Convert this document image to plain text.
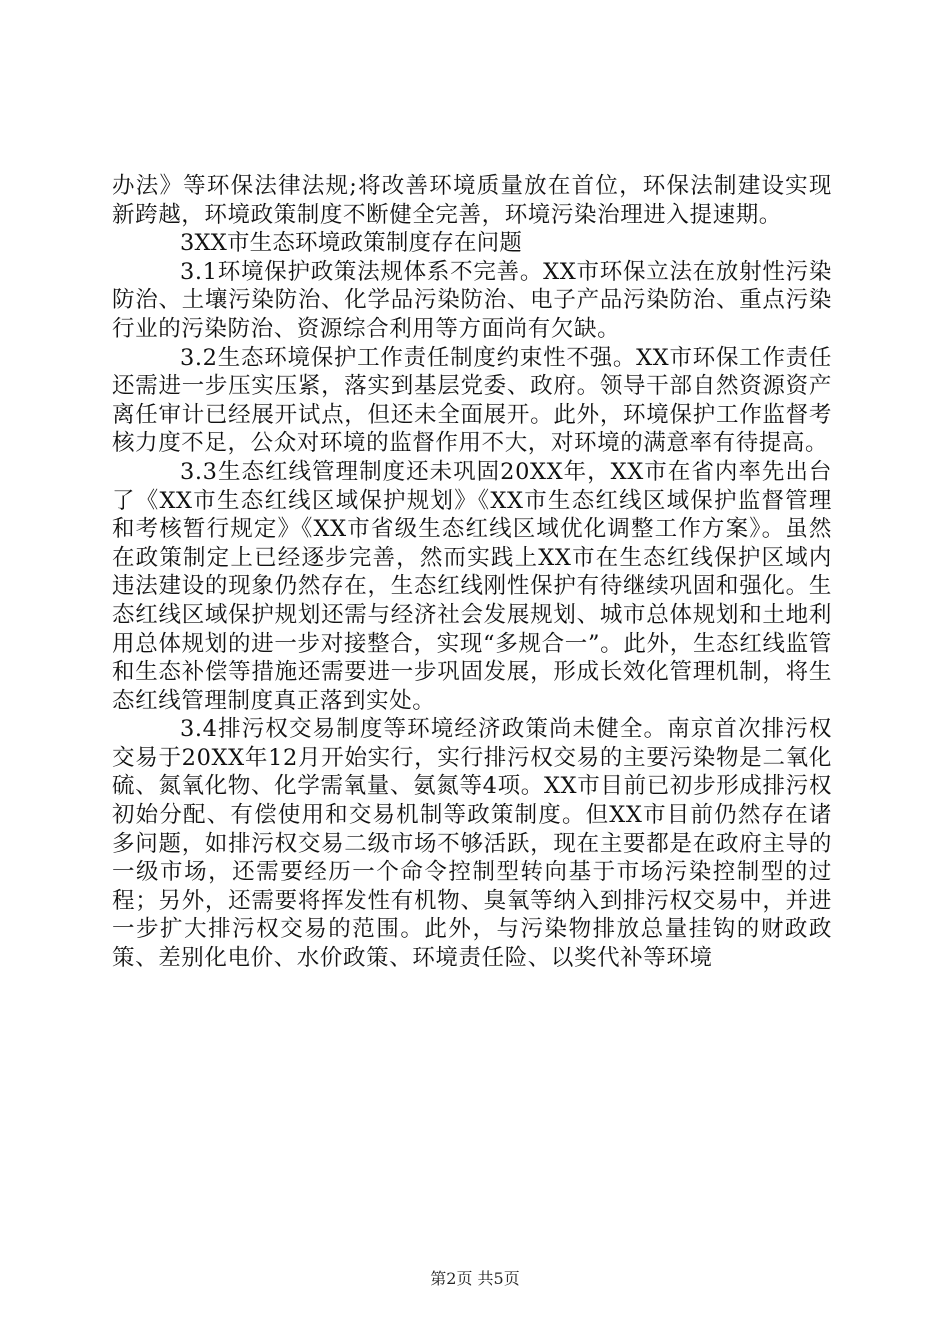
办法》等环保法律法规;将改善环境质量放在首位，环保法制建设实现新跨越，环境政策制度不断健全完善，环境污染治理进入提速期。

3XX市生态环境政策制度存在问题

3.1环境保护政策法规体系不完善。XX市环保立法在放射性污染防治、土壤污染防治、化学品污染防治、电子产品污染防治、重点污染行业的污染防治、资源综合利用等方面尚有欠缺。

3.2生态环境保护工作责任制度约束性不强。XX市环保工作责任还需进一步压实压紧，落实到基层党委、政府。领导干部自然资源资产离任审计已经展开试点，但还未全面展开。此外，环境保护工作监督考核力度不足，公众对环境的监督作用不大，对环境的满意率有待提高。

3.3生态红线管理制度还未巩固20XX年，XX市在省内率先出台了《XX市生态红线区域保护规划》《XX市生态红线区域保护监督管理和考核暂行规定》《XX市省级生态红线区域优化调整工作方案》。虽然在政策制定上已经逐步完善，然而实践上XX市在生态红线保护区域内违法建设的现象仍然存在，生态红线刚性保护有待继续巩固和强化。生态红线区域保护规划还需与经济社会发展规划、城市总体规划和土地利用总体规划的进一步对接整合，实现“多规合一”。此外，生态红线监管和生态补偿等措施还需要进一步巩固发展，形成长效化管理机制，将生态红线管理制度真正落到实处。

3.4排污权交易制度等环境经济政策尚未健全。南京首次排污权交易于20XX年12月开始实行，实行排污权交易的主要污染物是二氧化硫、氮氧化物、化学需氧量、氨氮等4项。XX市目前已初步形成排污权初始分配、有偿使用和交易机制等政策制度。但XX市目前仍然存在诸多问题，如排污权交易二级市场不够活跃，现在主要都是在政府主导的一级市场，还需要经历一个命令控制型转向基于市场污染控制型的过程；另外，还需要将挥发性有机物、臭氧等纳入到排污权交易中，并进一步扩大排污权交易的范围。此外，与污染物排放总量挂钩的财政政策、差别化电价、水价政策、环境责任险、以奖代补等环境

第2页 共5页
